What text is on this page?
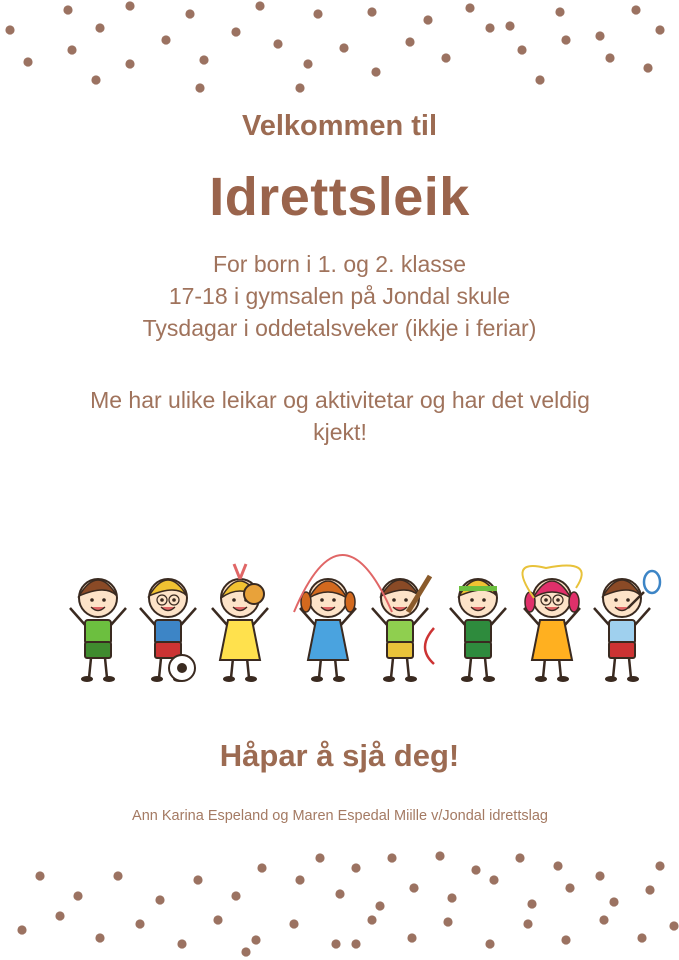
Velkommen til
Idrettsleik
For born i 1. og 2. klasse
17-18 i gymsalen på Jondal skule
Tysdagar i oddetalsveker (ikkje i feriar)
Me har ulike leikar og aktivitetar og har det veldig kjekt!
Håpar å sjå deg!
Ann Karina Espeland og Maren Espedal Miille v/Jondal idrettslag
